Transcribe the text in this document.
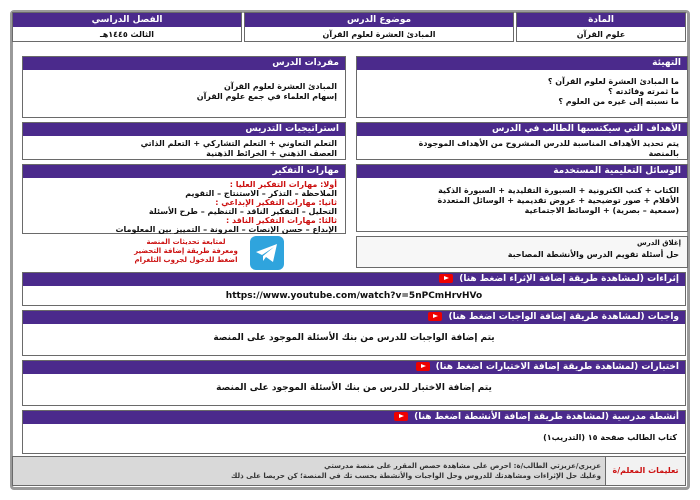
المادة
علوم القرآن
موضوع الدرس
المبادئ العشرة لعلوم القرآن
الفصل الدراسي
الثالث ١٤٤٥هـ
التهيئة
ما المبادئ العشرة لعلوم القرآن ؟
ما ثمرته وفائدته ؟
ما نسبته إلى غيره من العلوم ؟
مفردات الدرس
المبادئ العشرة لعلوم القرآن
إسهام العلماء في جمع علوم القرآن
الأهداف التي سيكتسبها الطالب في الدرس
يتم تحديد الأهداف المناسبة للدرس المشروح من الأهداف الموجودة
بالمنصة
استراتيجيات التدريس
التعلم التعاوني + التعلم التشاركي + التعلم الذاتي
العصف الذهني + الخرائط الذهنية
الوسائل التعليمية المستخدمة
الكتاب + كتب الكترونية + السبورة التقليدية + السبورة الذكية
الأقلام + صور توضيحية + عروض تقديمية + الوسائل المتعددة
(سمعية – بصرية) + الوسائط الاجتماعية
مهارات التفكير
أولا: مهارات التفكير العليا :
الملاحظة – التذكر – الاستنتاج – التقويم
ثانيا: مهارات التفكير الإبداعي :
التحليل – التفكير الناقد – التنظيم – طرح الأسئلة
ثالثا: مهارات التفكير الناقد :
الإبداع – حسن الإنصات – المرونة – التمييز بين المعلومات
لمتابعة تحديثات المنصة
ومعرفة طريقة إضافة التحضير
اضغط للدخول لجروب التلغرام
إغلاق الدرس
حل أسئلة تقويم الدرس والأنشطة المصاحبة
إثراءات (لمشاهدة طريقة إضافة الإثراء اضغط هنا)
https://www.youtube.com/watch?v=5nPCmHrvHVo
واجبات (لمشاهدة طريقة إضافة الواجبات اضغط هنا)
يتم إضافة الواجبات للدرس من بنك الأسئلة الموجود على المنصة
اختبارات (لمشاهدة طريقة إضافة الاختبارات اضغط هنا)
يتم إضافة الاختبار للدرس من بنك الأسئلة الموجود على المنصة
أنشطة مدرسية (لمشاهدة طريقة إضافة الأنشطة اضغط هنا)
كتاب الطالب صفحة ١٥ (التدريب١)
تعليمات المعلم/ة
عزيزي/عزيزتي الطالب/ة: احرص على مشاهدة حصص المقرر على منصة مدرستي
وعليك حل الإثراءات ومشاهدتك للدروس وحل الواجبات والأنشطة بحسب تك في المنصة؛ كن حريصا على ذلك
